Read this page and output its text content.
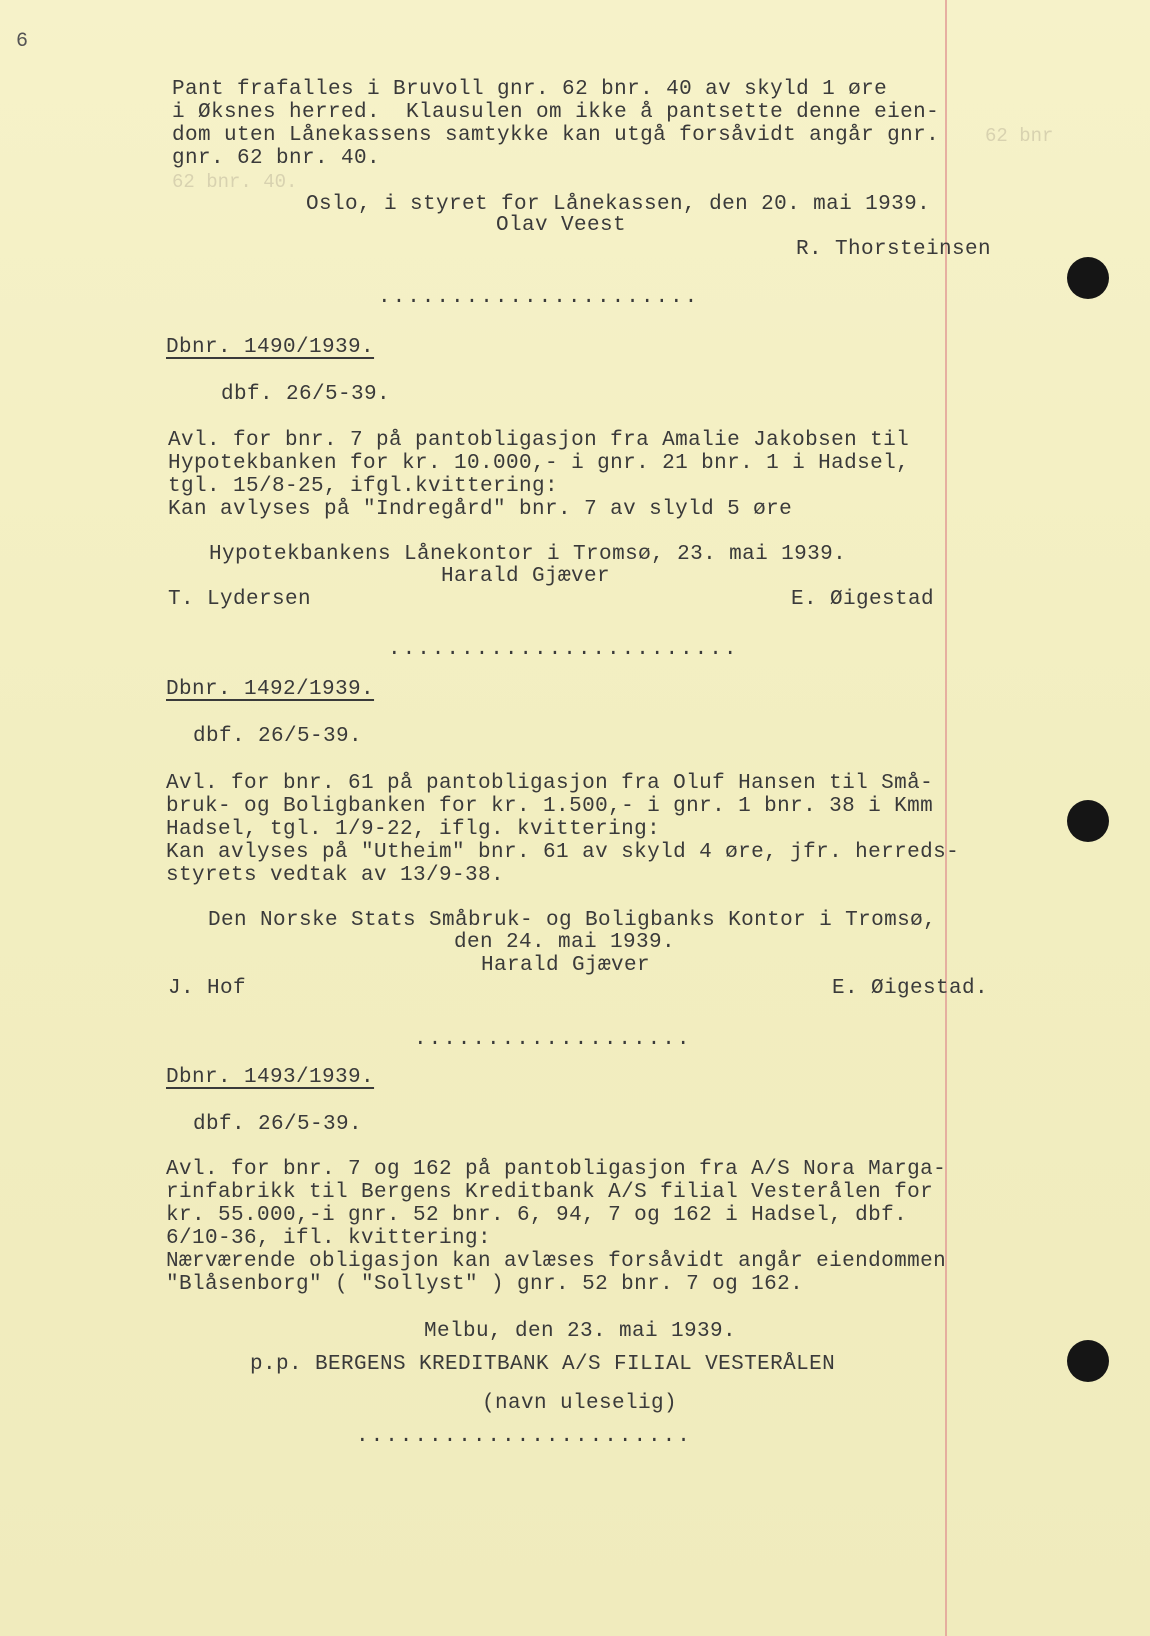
6
Pant frafalles i Bruvoll gnr. 62 bnr. 40 av skyld 1 øre
i Øksnes herred.  Klausulen om ikke å pantsette denne eien-
dom uten Lånekassens samtykke kan utgå forsåvidt angår gnr. 62 bnr
gnr. 62 bnr. 40.
62 bnr. 40.
Oslo, i styret for Lånekassen, den 20. mai 1939.
Olav Veest
R. Thorsteinsen
......................
Dbnr. 1490/1939.
dbf. 26/5-39.
Avl. for bnr. 7 på pantobligasjon fra Amalie Jakobsen til
Hypotekbanken for kr. 10.000,- i gnr. 21 bnr. 1 i Hadsel,
tgl. 15/8-25, ifgl.kvittering:
Kan avlyses på "Indregård" bnr. 7 av slyld 5 øre
Hypotekbankens Lånekontor i Tromsø, 23. mai 1939.
Harald Gjæver
T. Lydersen	E. Øigestad
........................
Dbnr. 1492/1939.
dbf. 26/5-39.
Avl. for bnr. 61 på pantobligasjon fra Oluf Hansen til Små-
bruk- og Boligbanken for kr. 1.500,- i gnr. 1 bnr. 38 i Kmm
Hadsel, tgl. 1/9-22, iflg. kvittering:
Kan avlyses på "Utheim" bnr. 61 av skyld 4 øre, jfr. herreds-
styrets vedtak av 13/9-38.
Den Norske Stats Småbruk- og Boligbanks Kontor i Tromsø,
den 24. mai 1939.
Harald Gjæver
J. Hof	E. Øigestad.
...................
Dbnr. 1493/1939.
dbf. 26/5-39.
Avl. for bnr. 7 og 162 på pantobligasjon fra A/S Nora Marga-
rinfabrikk til Bergens Kreditbank A/S filial Vesterålen for
kr. 55.000,-i gnr. 52 bnr. 6, 94, 7 og 162 i Hadsel, dbf.
6/10-36, ifl. kvittering:
Nærværende obligasjon kan avlæses forsåvidt angår eiendommen
"Blåsenborg" ( "Sollyst" ) gnr. 52 bnr. 7 og 162.
Melbu, den 23. mai 1939.
p.p. BERGENS KREDITBANK A/S FILIAL VESTERÅLEN
(navn uleselig)
.......................
